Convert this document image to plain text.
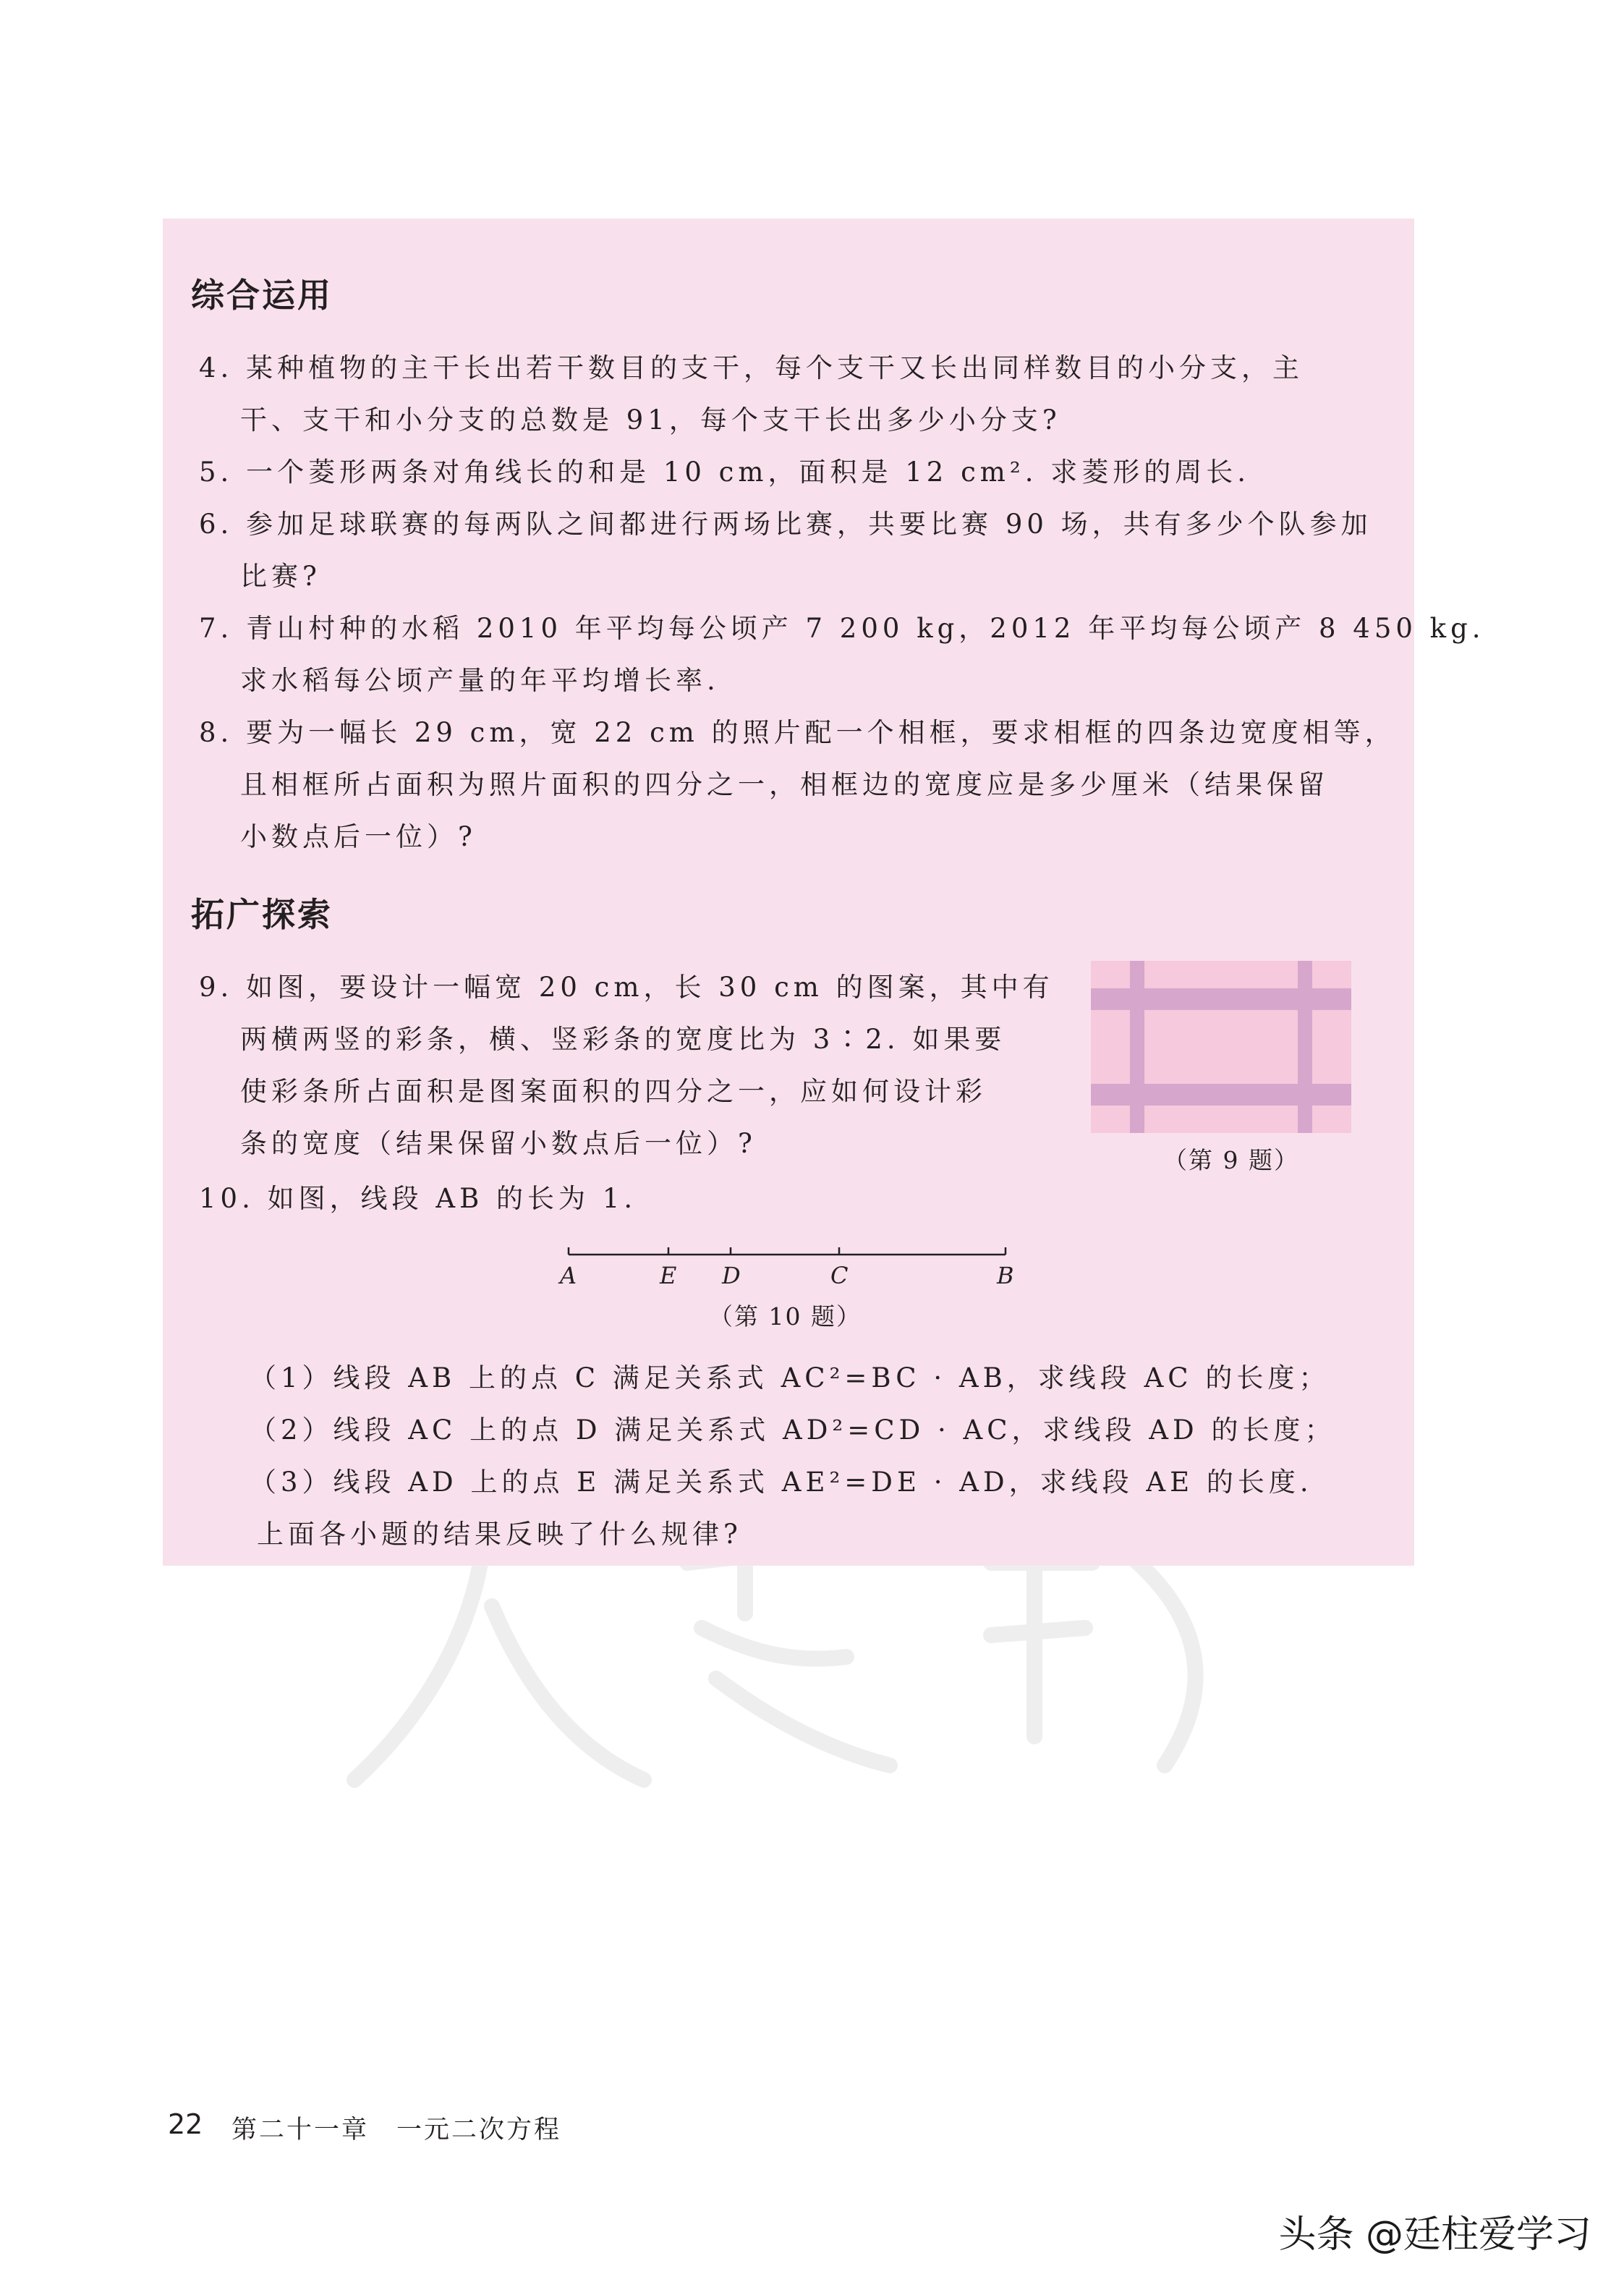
综合运用
4. 某种植物的主干长出若干数目的支干，每个支干又长出同样数目的小分支，主
干、支干和小分支的总数是 91，每个支干长出多少小分支?
5. 一个菱形两条对角线长的和是 10 cm，面积是 12 cm². 求菱形的周长.
6. 参加足球联赛的每两队之间都进行两场比赛，共要比赛 90 场，共有多少个队参加
比赛?
7. 青山村种的水稻 2010 年平均每公顷产 7 200 kg，2012 年平均每公顷产 8 450 kg.
求水稻每公顷产量的年平均增长率.
8. 要为一幅长 29 cm，宽 22 cm 的照片配一个相框，要求相框的四条边宽度相等，
且相框所占面积为照片面积的四分之一，相框边的宽度应是多少厘米（结果保留
小数点后一位）?
拓广探索
9. 如图，要设计一幅宽 20 cm，长 30 cm 的图案，其中有
两横两竖的彩条，横、竖彩条的宽度比为 3∶2. 如果要
使彩条所占面积是图案面积的四分之一，应如何设计彩
条的宽度（结果保留小数点后一位）?
（第 9 题）
10. 如图，线段 AB 的长为 1.
A	E D	C	B
（第 10 题）
（1）线段 AB 上的点 C 满足关系式 AC²=BC · AB，求线段 AC 的长度；
（2）线段 AC 上的点 D 满足关系式 AD²=CD · AC，求线段 AD 的长度；
（3）线段 AD 上的点 E 满足关系式 AE²=DE · AD，求线段 AE 的长度.
上面各小题的结果反映了什么规律?
22 第二十一章　一元二次方程
头条 @廷柱爱学习
